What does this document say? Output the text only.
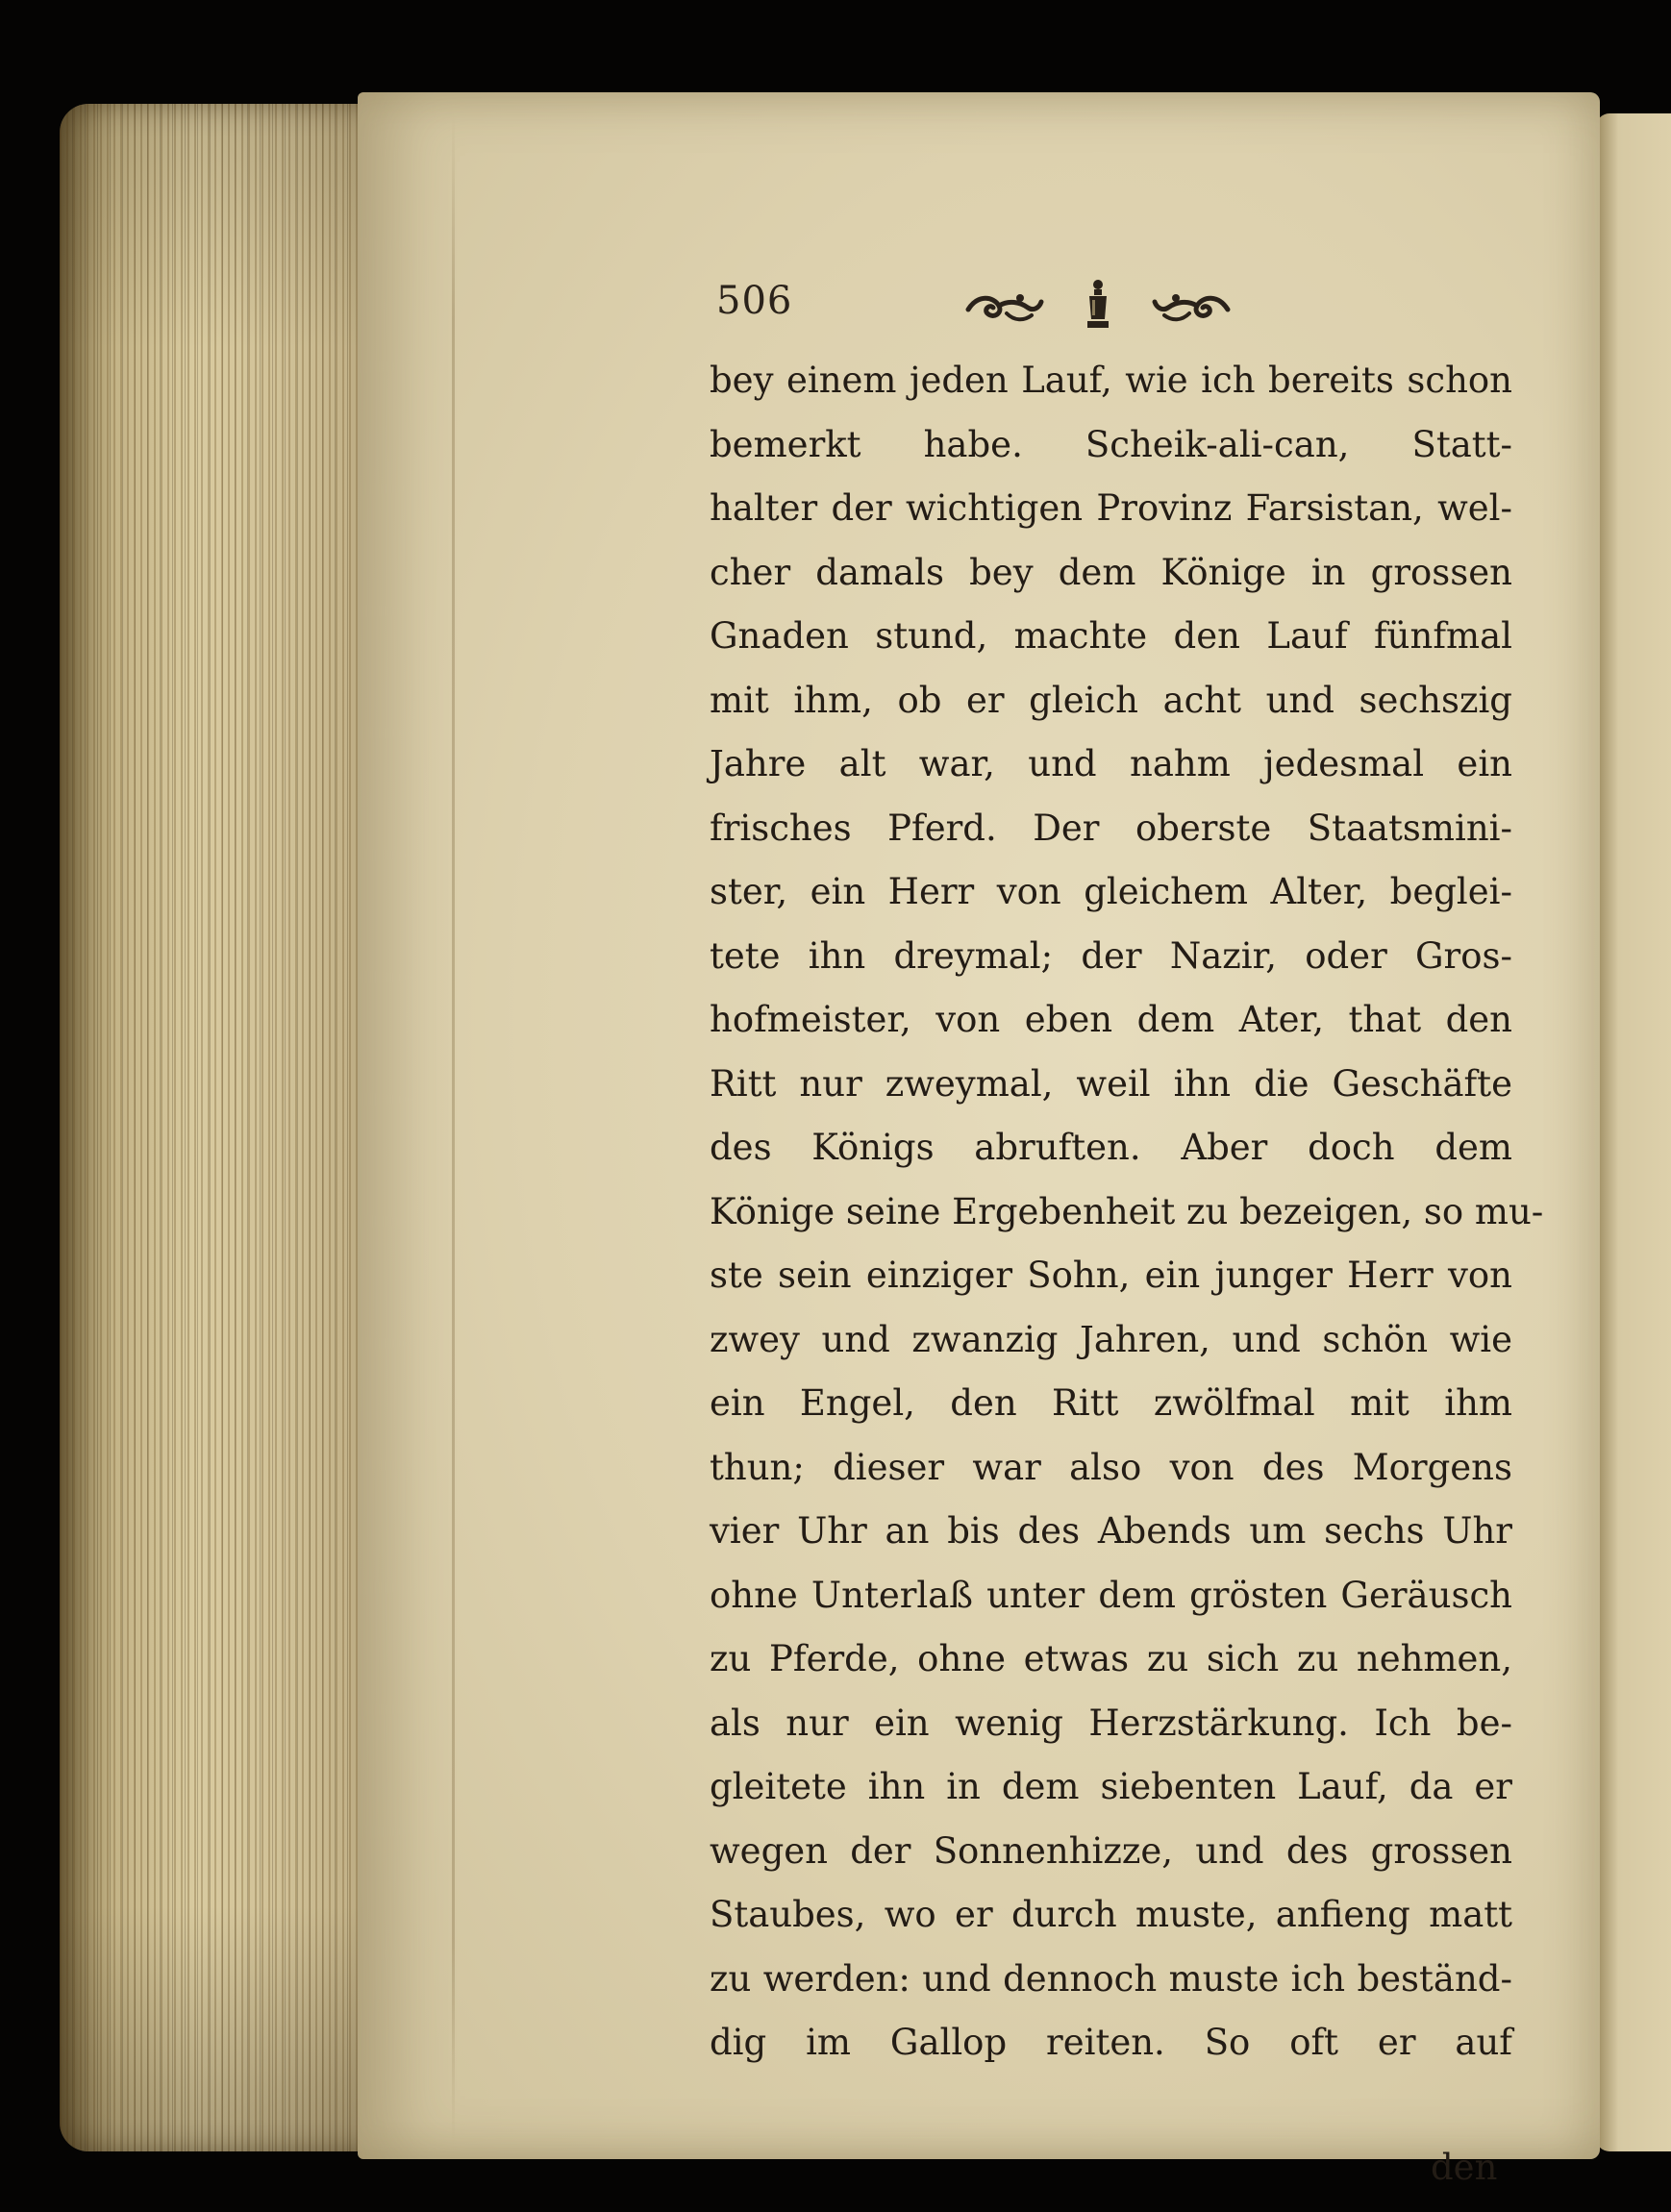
506
bey einem jeden Lauf, wie ich bereits schon
bemerkt habe. Scheik-ali-can, Statt-
halter der wichtigen Provinz Farsistan, wel-
cher damals bey dem Könige in grossen
Gnaden stund, machte den Lauf fünfmal
mit ihm, ob er gleich acht und sechszig
Jahre alt war, und nahm jedesmal ein
frisches Pferd. Der oberste Staatsmini-
ster, ein Herr von gleichem Alter, beglei-
tete ihn dreymal; der Nazir, oder Gros-
hofmeister, von eben dem Ater, that den
Ritt nur zweymal, weil ihn die Geschäfte
des Königs abruften. Aber doch dem
Könige seine Ergebenheit zu bezeigen, so mu-
ste sein einziger Sohn, ein junger Herr von
zwey und zwanzig Jahren, und schön wie
ein Engel, den Ritt zwölfmal mit ihm
thun; dieser war also von des Morgens
vier Uhr an bis des Abends um sechs Uhr
ohne Unterlaß unter dem grösten Geräusch
zu Pferde, ohne etwas zu sich zu nehmen,
als nur ein wenig Herzstärkung. Ich be-
gleitete ihn in dem siebenten Lauf, da er
wegen der Sonnenhizze, und des grossen
Staubes, wo er durch muste, anfieng matt
zu werden: und dennoch muste ich beständ-
dig im Gallop reiten. So oft er auf
den
